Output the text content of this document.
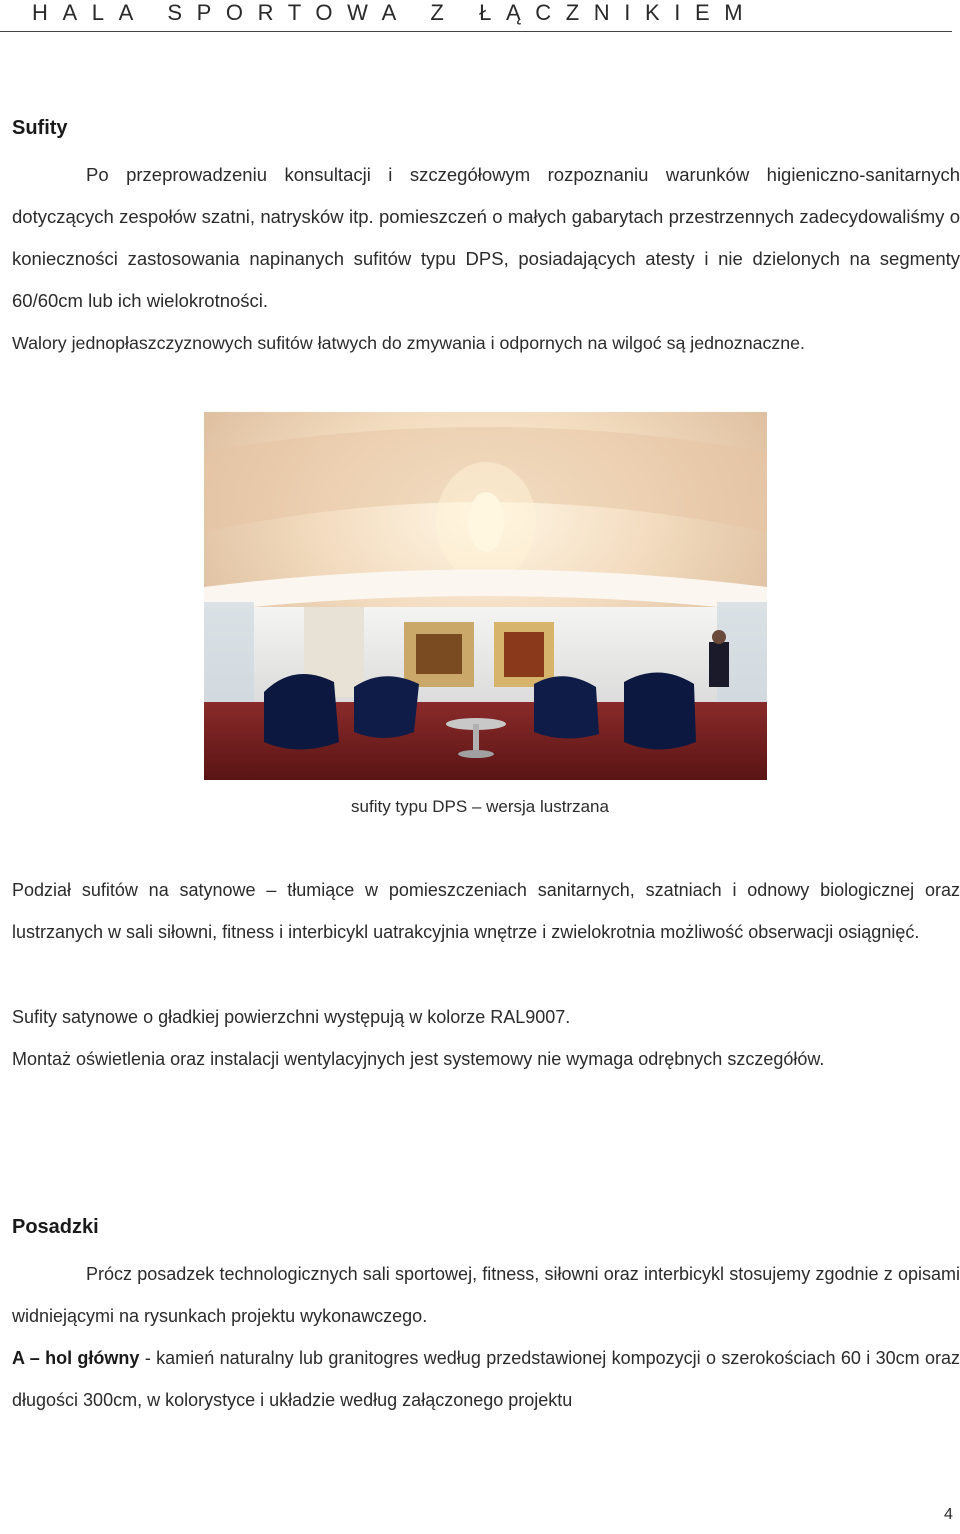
HALA SPORTOWA Z ŁĄCZNIKIEM
Sufity
Po przeprowadzeniu konsultacji i szczegółowym rozpoznaniu warunków higieniczno-sanitarnych dotyczących zespołów szatni, natrysków itp. pomieszczeń o małych gabarytach przestrzennych zadecydowaliśmy o konieczności zastosowania napinanych sufitów typu DPS, posiadających atesty i nie dzielonych na segmenty 60/60cm lub ich wielokrotności.
Walory jednopłaszczyznowych sufitów łatwych do zmywania i odpornych na wilgoć są jednoznaczne.
sufity typu DPS – wersja lustrzana
Podział sufitów na satynowe – tłumiące w pomieszczeniach sanitarnych, szatniach i odnowy biologicznej oraz lustrzanych w sali siłowni, fitness i interbicykl uatrakcyjnia wnętrze i zwielokrotnia możliwość obserwacji osiągnięć.
Sufity satynowe o gładkiej powierzchni występują w kolorze RAL9007.
Montaż oświetlenia oraz instalacji wentylacyjnych jest systemowy nie wymaga odrębnych szczegółów.
Posadzki
Prócz posadzek technologicznych sali sportowej, fitness, siłowni oraz interbicykl stosujemy zgodnie z opisami widniejącymi na rysunkach projektu wykonawczego.
A – hol główny - kamień naturalny lub granitogres według przedstawionej kompozycji o szerokościach 60 i 30cm oraz długości 300cm, w kolorystyce i układzie według załączonego projektu
4
